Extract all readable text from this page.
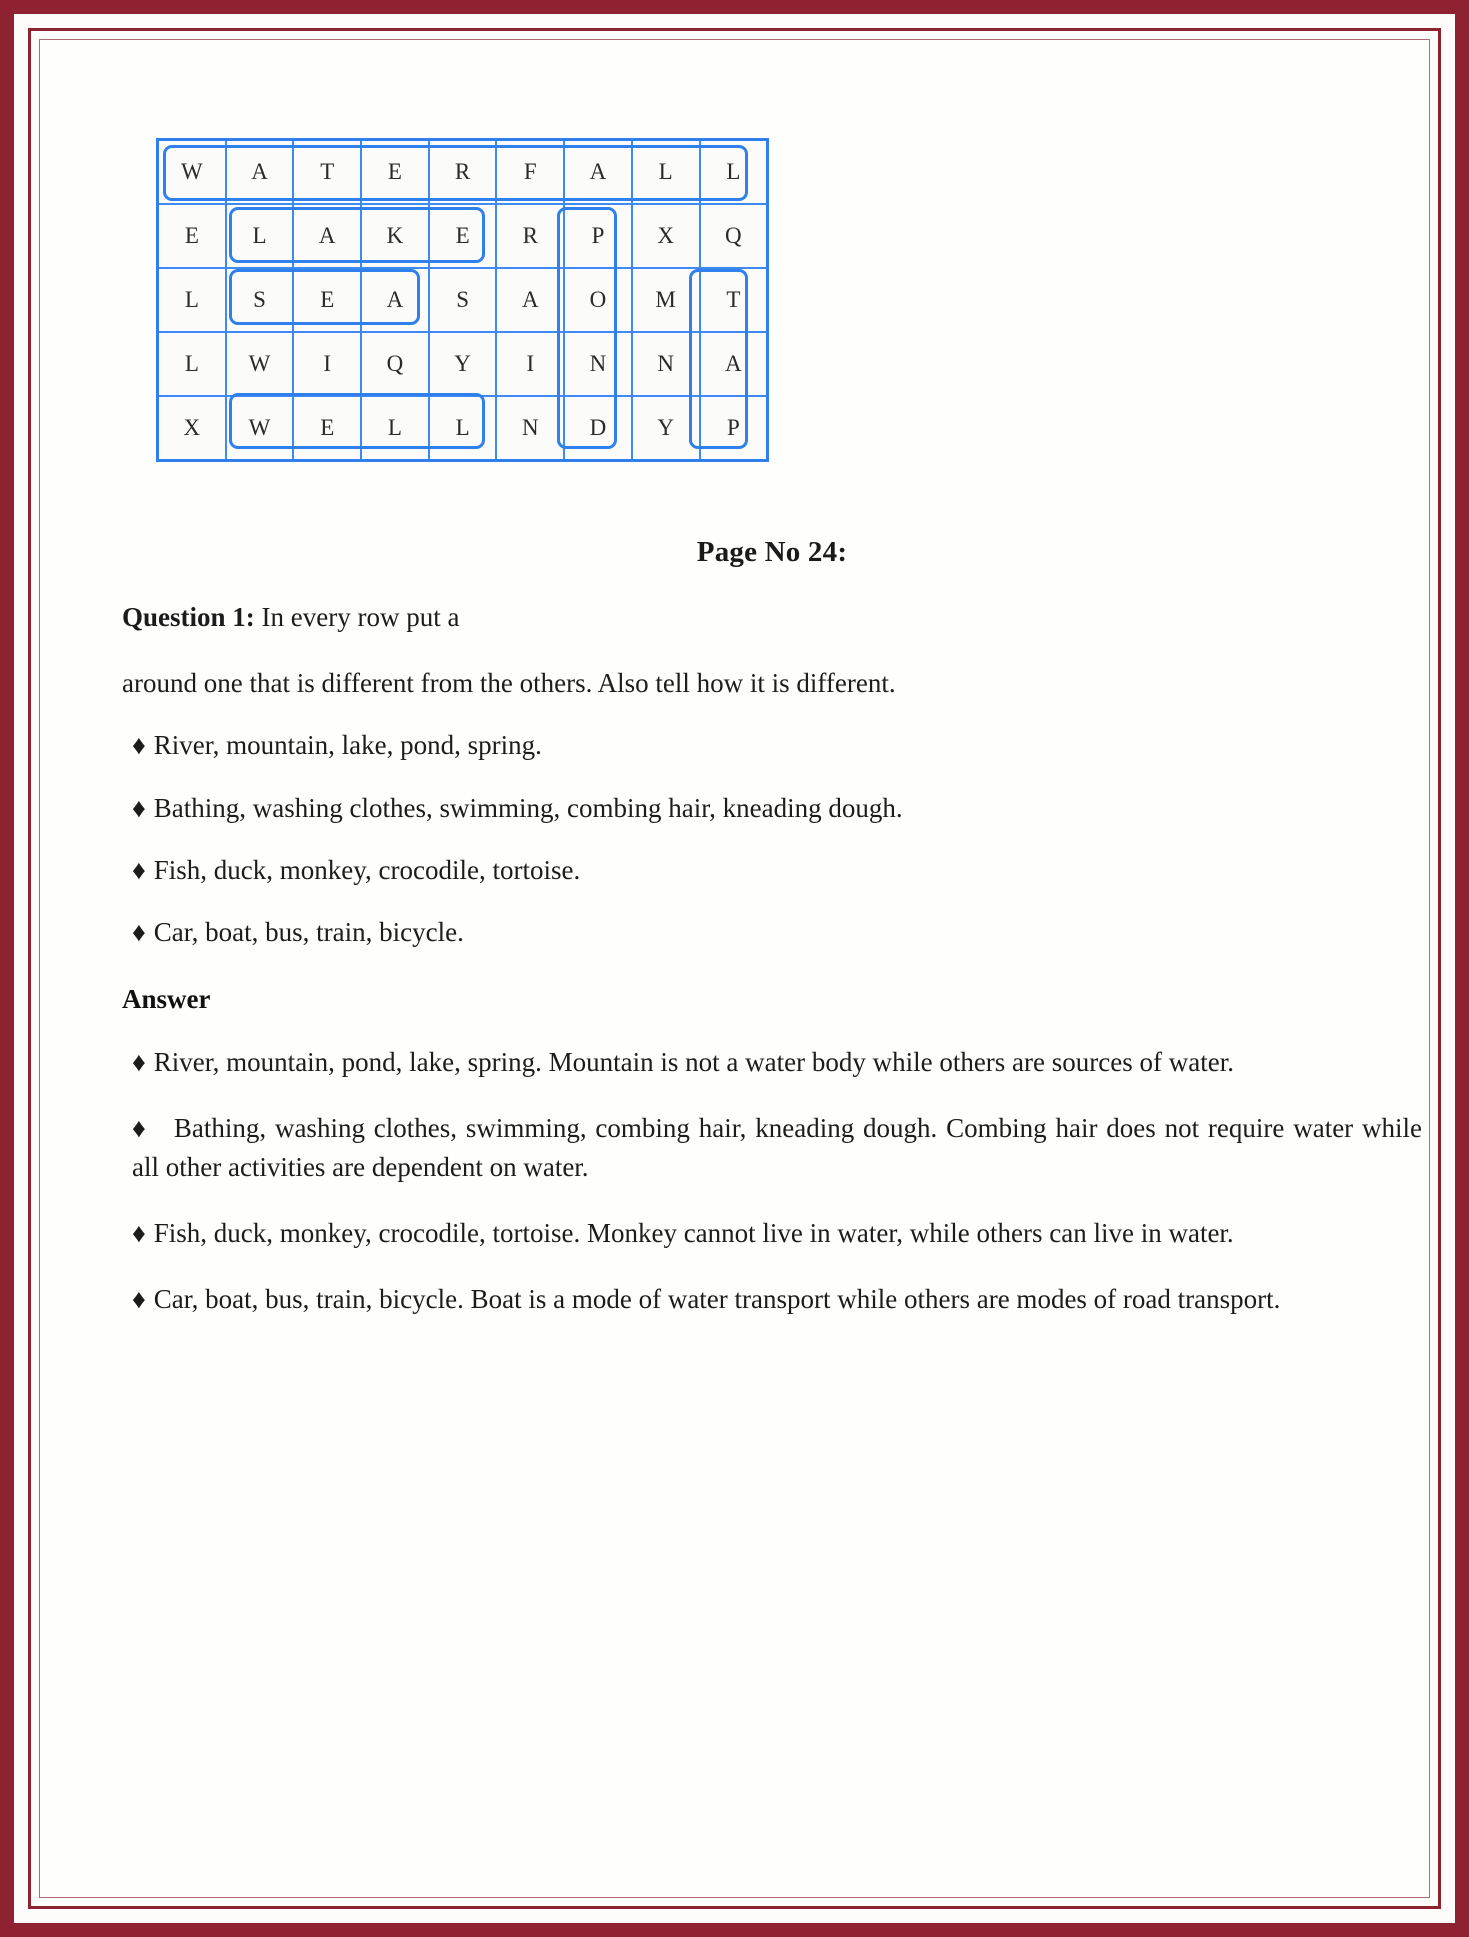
W	A	T	E	R	F	A	L	L
E	L	A	K	E	R	P	X	Q
L	S	E	A	S	A	O	M	T
L	W	I	Q	Y	I	N	N	A
X	W	E	L	L	N	D	Y	P
Page No 24:

Question 1: In every row put a

around one that is different from the others. Also tell how it is different.

♦ River, mountain, lake, pond, spring.

♦ Bathing, washing clothes, swimming, combing hair, kneading dough.

♦ Fish, duck, monkey, crocodile, tortoise.

♦ Car, boat, bus, train, bicycle.

Answer

♦ River, mountain, pond, lake, spring. Mountain is not a water body while others are sources of water.

♦ Bathing, washing clothes, swimming, combing hair, kneading dough. Combing hair does not require water while all other activities are dependent on water.

♦ Fish, duck, monkey, crocodile, tortoise. Monkey cannot live in water, while others can live in water.

♦ Car, boat, bus, train, bicycle. Boat is a mode of water transport while others are modes of road transport.
